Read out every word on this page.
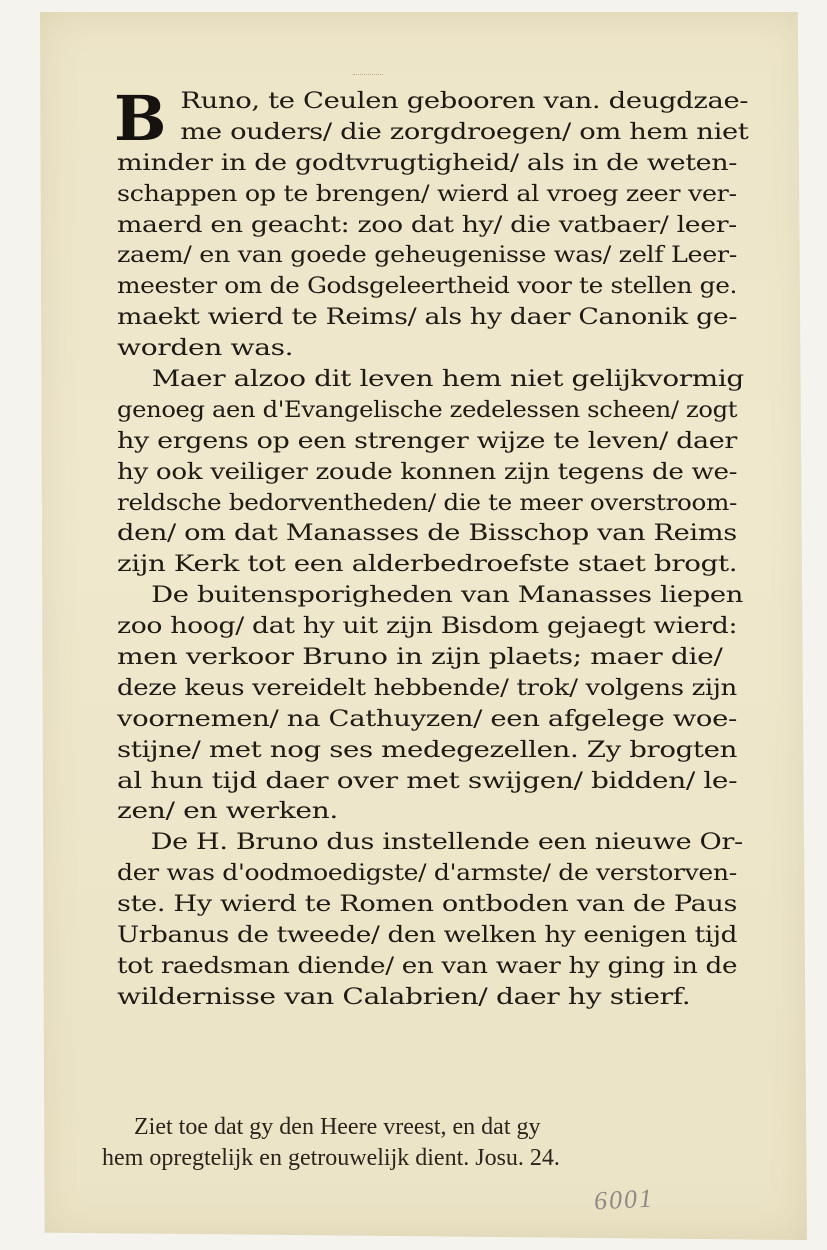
B Runo, te Ceulen gebooren van. deugdzae-
me ouders/ die zorgdroegen/ om hem niet
minder in de godtvrugtigheid/ als in de weten-
schappen op te brengen/ wierd al vroeg zeer ver-
maerd en geacht: zoo dat hy/ die vatbaer/ leer-
zaem/ en van goede geheugenisse was/ zelf Leer-
meester om de Godsgeleertheid voor te stellen ge.
maekt wierd te Reims/ als hy daer Canonik ge-
worden was.
Maer alzoo dit leven hem niet gelijkvormig
genoeg aen d'Evangelische zedelessen scheen/ zogt
hy ergens op een strenger wijze te leven/ daer
hy ook veiliger zoude konnen zijn tegens de we-
reldsche bedorventheden/ die te meer overstroom-
den/ om dat Manasses de Bisschop van Reims
zijn Kerk tot een alderbedroefste staet brogt.
De buitensporigheden van Manasses liepen
zoo hoog/ dat hy uit zijn Bisdom gejaegt wierd:
men verkoor Bruno in zijn plaets; maer die/
deze keus vereidelt hebbende/ trok/ volgens zijn
voornemen/ na Cathuyzen/ een afgelege woe-
stijne/ met nog ses medegezellen. Zy brogten
al hun tijd daer over met swijgen/ bidden/ le-
zen/ en werken.
De H. Bruno dus instellende een nieuwe Or-
der was d'oodmoedigste/ d'armste/ de verstorven-
ste. Hy wierd te Romen ontboden van de Paus
Urbanus de tweede/ den welken hy eenigen tijd
tot raedsman diende/ en van waer hy ging in de
wildernisse van Calabrien/ daer hy stierf.
Ziet toe dat gy den Heere vreest, en dat gy
hem opregtelijk en getrouwelijk dient. Josu. 24.
6001
